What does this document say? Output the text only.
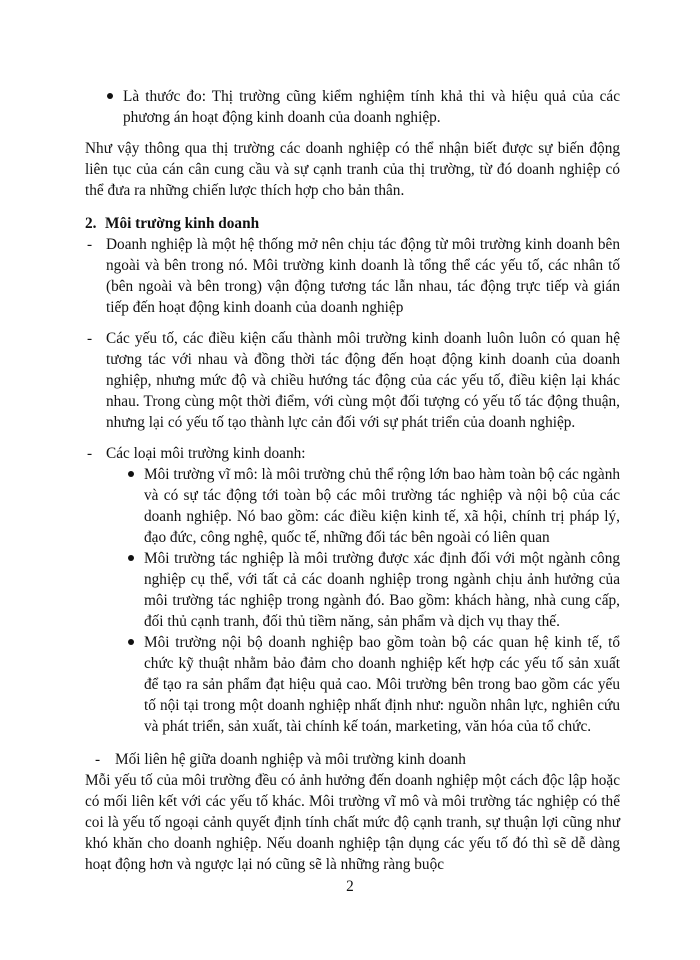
Là thước đo: Thị trường cũng kiểm nghiệm tính khả thi và hiệu quả của các phương án hoạt động kinh doanh của doanh nghiệp.

Như vậy thông qua thị trường các doanh nghiệp có thể nhận biết được sự biến động liên tục của cán cân cung cầu và sự cạnh tranh của thị trường, từ đó doanh nghiệp có thể đưa ra những chiến lược thích hợp cho bản thân.

2. Môi trường kinh doanh

- Doanh nghiệp là một hệ thống mở nên chịu tác động từ môi trường kinh doanh bên ngoài và bên trong nó. Môi trường kinh doanh là tổng thể các yếu tố, các nhân tố (bên ngoài và bên trong) vận động tương tác lẫn nhau, tác động trực tiếp và gián tiếp đến hoạt động kinh doanh của doanh nghiệp

- Các yếu tố, các điều kiện cấu thành môi trường kinh doanh luôn luôn có quan hệ tương tác với nhau và đồng thời tác động đến hoạt động kinh doanh của doanh nghiệp, nhưng mức độ và chiều hướng tác động của các yếu tố, điều kiện lại khác nhau. Trong cùng một thời điểm, với cùng một đối tượng có yếu tố tác động thuận, nhưng lại có yếu tố tạo thành lực cản đối với sự phát triển của doanh nghiệp.

- Các loại môi trường kinh doanh:

Môi trường vĩ mô: là môi trường chủ thể rộng lớn bao hàm toàn bộ các ngành và có sự tác động tới toàn bộ các môi trường tác nghiệp và nội bộ của các doanh nghiệp. Nó bao gồm: các điều kiện kinh tế, xã hội, chính trị pháp lý, đạo đức, công nghệ, quốc tế, những đối tác bên ngoài có liên quan

Môi trường tác nghiệp là môi trường được xác định đối với một ngành công nghiệp cụ thể, với tất cả các doanh nghiệp trong ngành chịu ảnh hưởng của môi trường tác nghiệp trong ngành đó. Bao gồm: khách hàng, nhà cung cấp, đối thủ cạnh tranh, đối thủ tiềm năng, sản phẩm và dịch vụ thay thế.

Môi trường nội bộ doanh nghiệp bao gồm toàn bộ các quan hệ kinh tế, tổ chức kỹ thuật nhằm bảo đảm cho doanh nghiệp kết hợp các yếu tố sản xuất để tạo ra sản phẩm đạt hiệu quả cao. Môi trường bên trong bao gồm các yếu tố nội tại trong một doanh nghiệp nhất định như: nguồn nhân lực, nghiên cứu và phát triển, sản xuất, tài chính kế toán, marketing, văn hóa của tổ chức.

- Mối liên hệ giữa doanh nghiệp và môi trường kinh doanh

Mỗi yếu tố của môi trường đều có ảnh hưởng đến doanh nghiệp một cách độc lập hoặc có mối liên kết với các yếu tố khác. Môi trường vĩ mô và môi trường tác nghiệp có thể coi là yếu tố ngoại cảnh quyết định tính chất mức độ cạnh tranh, sự thuận lợi cũng như khó khăn cho doanh nghiệp. Nếu doanh nghiệp tận dụng các yếu tố đó thì sẽ dễ dàng hoạt động hơn và ngược lại nó cũng sẽ là những ràng buộc

2
